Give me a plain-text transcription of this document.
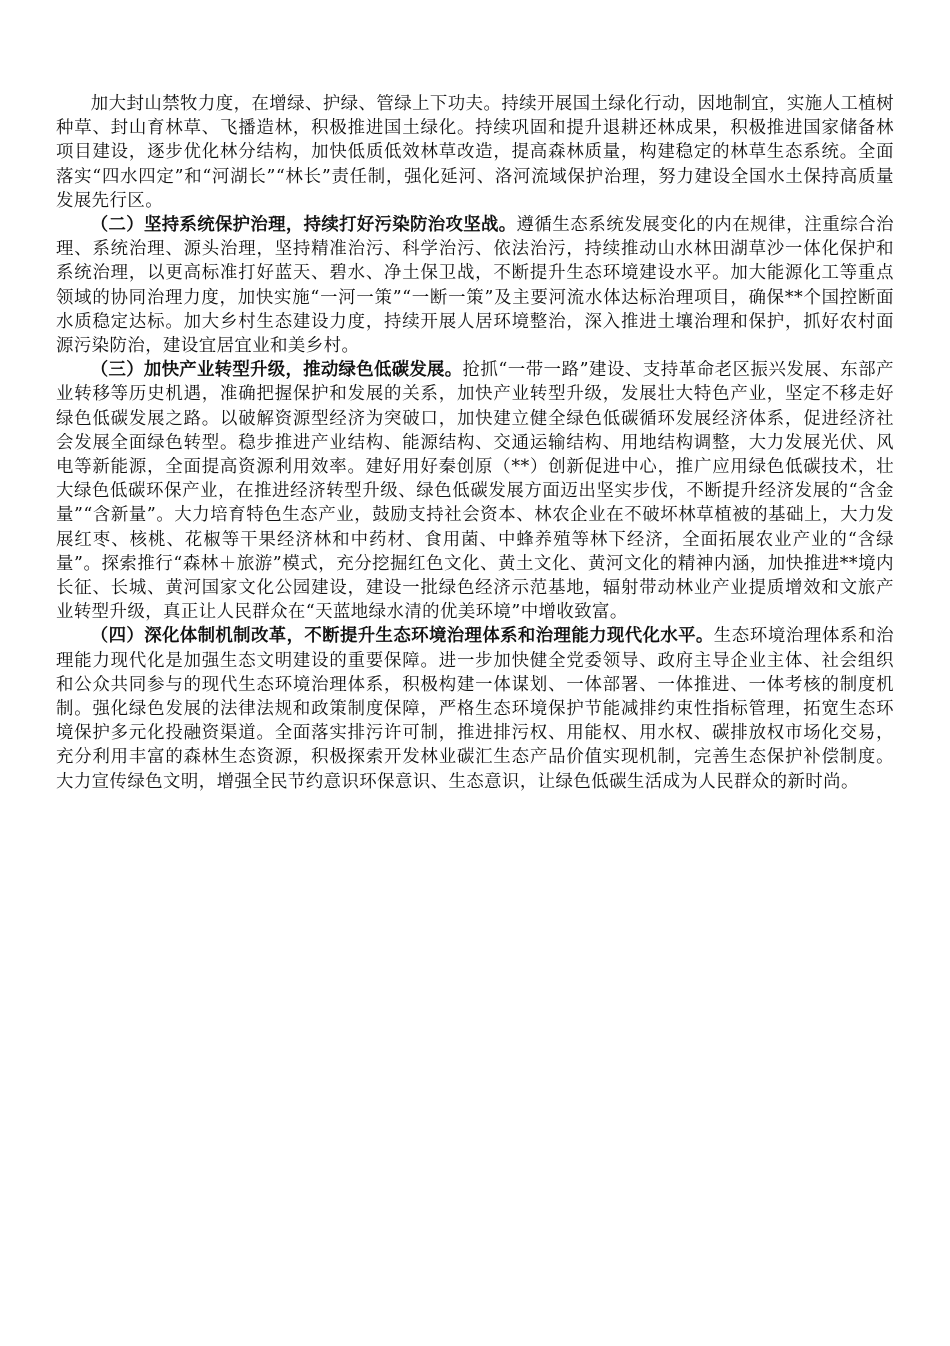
加大封山禁牧力度，在增绿、护绿、管绿上下功夫。持续开展国土绿化行动，因地制宜，实施人工植树种草、封山育林草、飞播造林，积极推进国土绿化。持续巩固和提升退耕还林成果，积极推进国家储备林项目建设，逐步优化林分结构，加快低质低效林草改造，提高森林质量，构建稳定的林草生态系统。全面落实“四水四定”和“河湖长”“林长”责任制，强化延河、洛河流域保护治理，努力建设全国水土保持高质量发展先行区。

（二）坚持系统保护治理，持续打好污染防治攻坚战。遵循生态系统发展变化的内在规律，注重综合治理、系统治理、源头治理，坚持精准治污、科学治污、依法治污，持续推动山水林田湖草沙一体化保护和系统治理，以更高标准打好蓝天、碧水、净土保卫战，不断提升生态环境建设水平。加大能源化工等重点领域的协同治理力度，加快实施“一河一策”“一断一策”及主要河流水体达标治理项目，确保**个国控断面水质稳定达标。加大乡村生态建设力度，持续开展人居环境整治，深入推进土壤治理和保护，抓好农村面源污染防治，建设宜居宜业和美乡村。

（三）加快产业转型升级，推动绿色低碳发展。抢抓“一带一路”建设、支持革命老区振兴发展、东部产业转移等历史机遇，准确把握保护和发展的关系，加快产业转型升级，发展壮大特色产业，坚定不移走好绿色低碳发展之路。以破解资源型经济为突破口，加快建立健全绿色低碳循环发展经济体系，促进经济社会发展全面绿色转型。稳步推进产业结构、能源结构、交通运输结构、用地结构调整，大力发展光伏、风电等新能源，全面提高资源利用效率。建好用好秦创原（**）创新促进中心，推广应用绿色低碳技术，壮大绿色低碳环保产业，在推进经济转型升级、绿色低碳发展方面迈出坚实步伐，不断提升经济发展的“含金量”“含新量”。大力培育特色生态产业，鼓励支持社会资本、林农企业在不破坏林草植被的基础上，大力发展红枣、核桃、花椒等干果经济林和中药材、食用菌、中蜂养殖等林下经济，全面拓展农业产业的“含绿量”。探索推行“森林＋旅游”模式，充分挖掘红色文化、黄土文化、黄河文化的精神内涵，加快推进**境内长征、长城、黄河国家文化公园建设，建设一批绿色经济示范基地，辐射带动林业产业提质增效和文旅产业转型升级，真正让人民群众在“天蓝地绿水清的优美环境”中增收致富。

（四）深化体制机制改革，不断提升生态环境治理体系和治理能力现代化水平。生态环境治理体系和治理能力现代化是加强生态文明建设的重要保障。进一步加快健全党委领导、政府主导企业主体、社会组织和公众共同参与的现代生态环境治理体系，积极构建一体谋划、一体部署、一体推进、一体考核的制度机制。强化绿色发展的法律法规和政策制度保障，严格生态环境保护节能减排约束性指标管理，拓宽生态环境保护多元化投融资渠道。全面落实排污许可制，推进排污权、用能权、用水权、碳排放权市场化交易，充分利用丰富的森林生态资源，积极探索开发林业碳汇生态产品价值实现机制，完善生态保护补偿制度。大力宣传绿色文明，增强全民节约意识环保意识、生态意识，让绿色低碳生活成为人民群众的新时尚。
